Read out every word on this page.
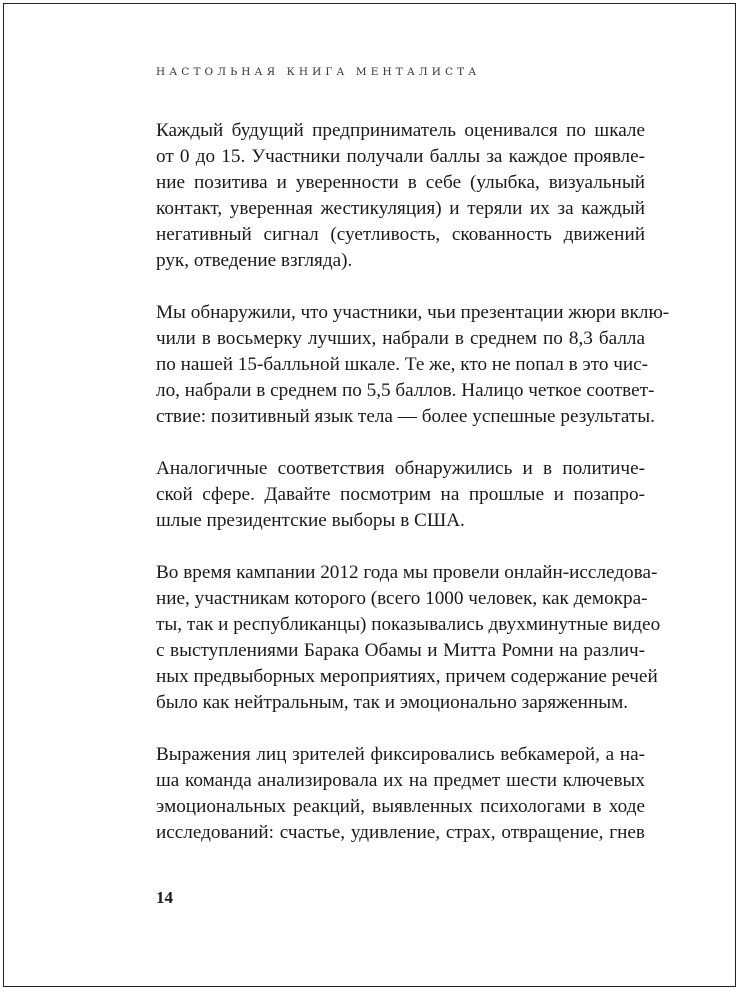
НАСТОЛЬНАЯ КНИГА МЕНТАЛИСТА
Каждый будущий предприниматель оценивался по шкале
от 0 до 15. Участники получали баллы за каждое проявле-
ние позитива и уверенности в себе (улыбка, визуальный
контакт, уверенная жестикуляция) и теряли их за каждый
негативный сигнал (суетливость, скованность движений
рук, отведение взгляда).
Мы обнаружили, что участники, чьи презентации жюри вклю-
чили в восьмерку лучших, набрали в среднем по 8,3 балла
по нашей 15-балльной шкале. Те же, кто не попал в это чис-
ло, набрали в среднем по 5,5 баллов. Налицо четкое соответ-
ствие: позитивный язык тела — более успешные результаты.
Аналогичные соответствия обнаружились и в политиче-
ской сфере. Давайте посмотрим на прошлые и позапро-
шлые президентские выборы в США.
Во время кампании 2012 года мы провели онлайн-исследова-
ние, участникам которого (всего 1000 человек, как демокра-
ты, так и республиканцы) показывались двухминутные видео
с выступлениями Барака Обамы и Митта Ромни на различ-
ных предвыборных мероприятиях, причем содержание речей
было как нейтральным, так и эмоционально заряженным.
Выражения лиц зрителей фиксировались вебкамерой, а на-
ша команда анализировала их на предмет шести ключевых
эмоциональных реакций, выявленных психологами в ходе
исследований: счастье, удивление, страх, отвращение, гнев
14
